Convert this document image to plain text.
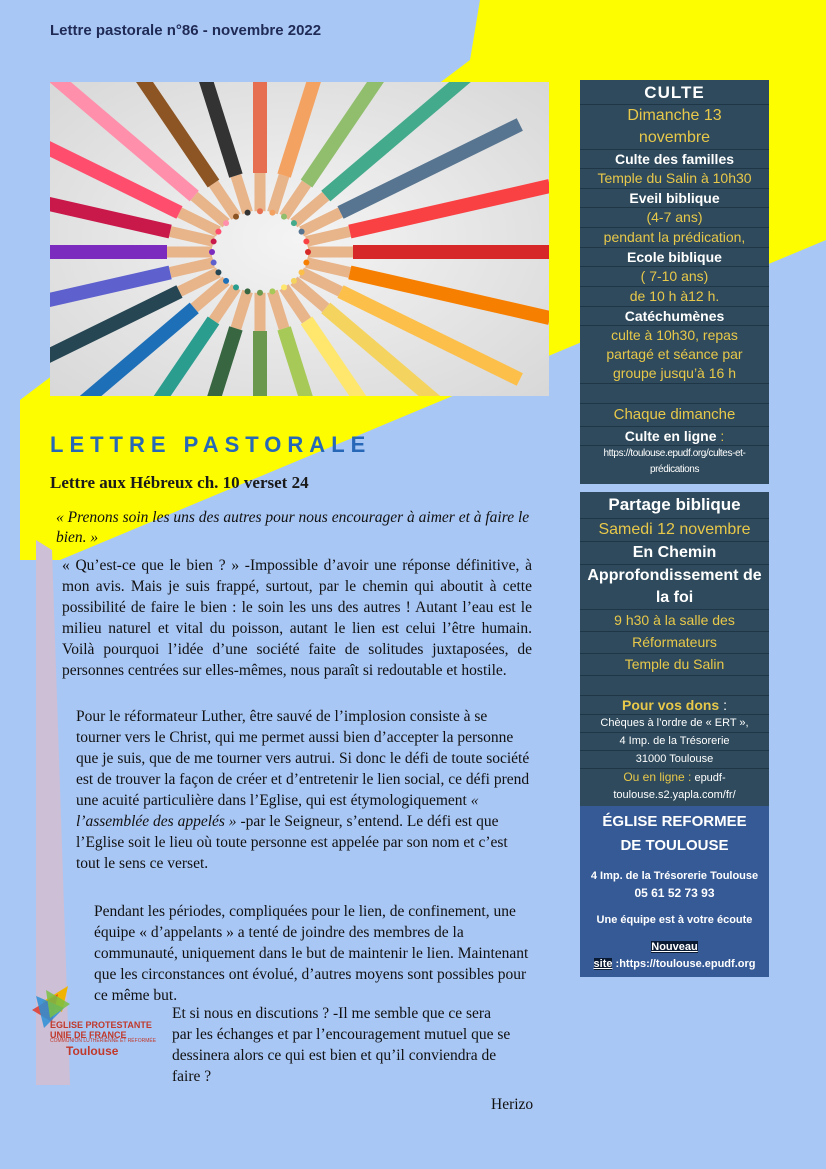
Lettre pastorale n°86 - novembre 2022
LETTRE PASTORALE
Lettre aux Hébreux ch. 10 verset 24
« Prenons soin les uns des autres pour nous encourager à aimer et à faire le bien. »
« Qu’est-ce que le bien ? » -Impossible d’avoir une réponse définitive, à mon avis. Mais je suis frappé, surtout, par le chemin qui aboutit à cette possibilité de faire le bien : le soin les uns des autres ! Autant l’eau est le milieu naturel et vital du poisson, autant le lien est celui l’être humain. Voilà pourquoi l’idée d’une société faite de solitudes juxtaposées, de personnes centrées sur elles-mêmes, nous paraît si redoutable et hostile.
Pour le réformateur Luther, être sauvé de l’implosion consiste à se tourner vers le Christ, qui me permet aussi bien d’accepter la personne que je suis, que de me tourner vers autrui. Si donc le défi de toute société est de trouver la façon de créer et d’entretenir le lien social, ce défi prend une acuité particulière dans l’Eglise, qui est étymologiquement « l’assemblée des appelés » -par le Seigneur, s’entend. Le défi est que l’Eglise soit le lieu où toute personne est appelée par son nom et c’est tout le sens ce verset.
Pendant les périodes, compliquées pour le lien, de confinement, une équipe « d’appelants » a tenté de joindre des membres de la communauté, uniquement dans le but de maintenir le lien. Maintenant que les circonstances ont évolué, d’autres moyens sont possibles pour ce même but.
Et si nous en discutions ? -Il me semble que ce sera par les échanges et par l’encouragement mutuel que se dessinera alors ce qui est bien et qu’il conviendra de faire ?
Herizo
EGLISE PROTESTANTE
UNIE DE FRANCE
COMMUNION LUTHÉRIENNE ET RÉFORMÉE
Toulouse
CULTE
Dimanche 13 novembre
Culte des familles
Temple du Salin à 10h30
Eveil biblique
(4-7 ans)
pendant la prédication,
Ecole biblique
( 7-10 ans)
de 10 h à12 h.
Catéchumènes
culte à 10h30, repas partagé et séance par groupe jusqu’à 16 h
Chaque dimanche
Culte en ligne :
https://toulouse.epudf.org/cultes-et-prédications
Partage biblique
Samedi 12 novembre
En Chemin
Approfondissement de la foi
9 h30 à la salle des
Réformateurs
Temple du Salin
Pour vos dons :
Chèques à l’ordre de « ERT »,
4 Imp. de la Trésorerie
31000 Toulouse
Ou en ligne : epudf-toulouse.s2.yapla.com/fr/
ÉGLISE REFORMEE
DE TOULOUSE
4 Imp. de la Trésorerie Toulouse
05 61 52 73 93
Une équipe est à votre écoute
Nouveau
site :https://toulouse.epudf.org
